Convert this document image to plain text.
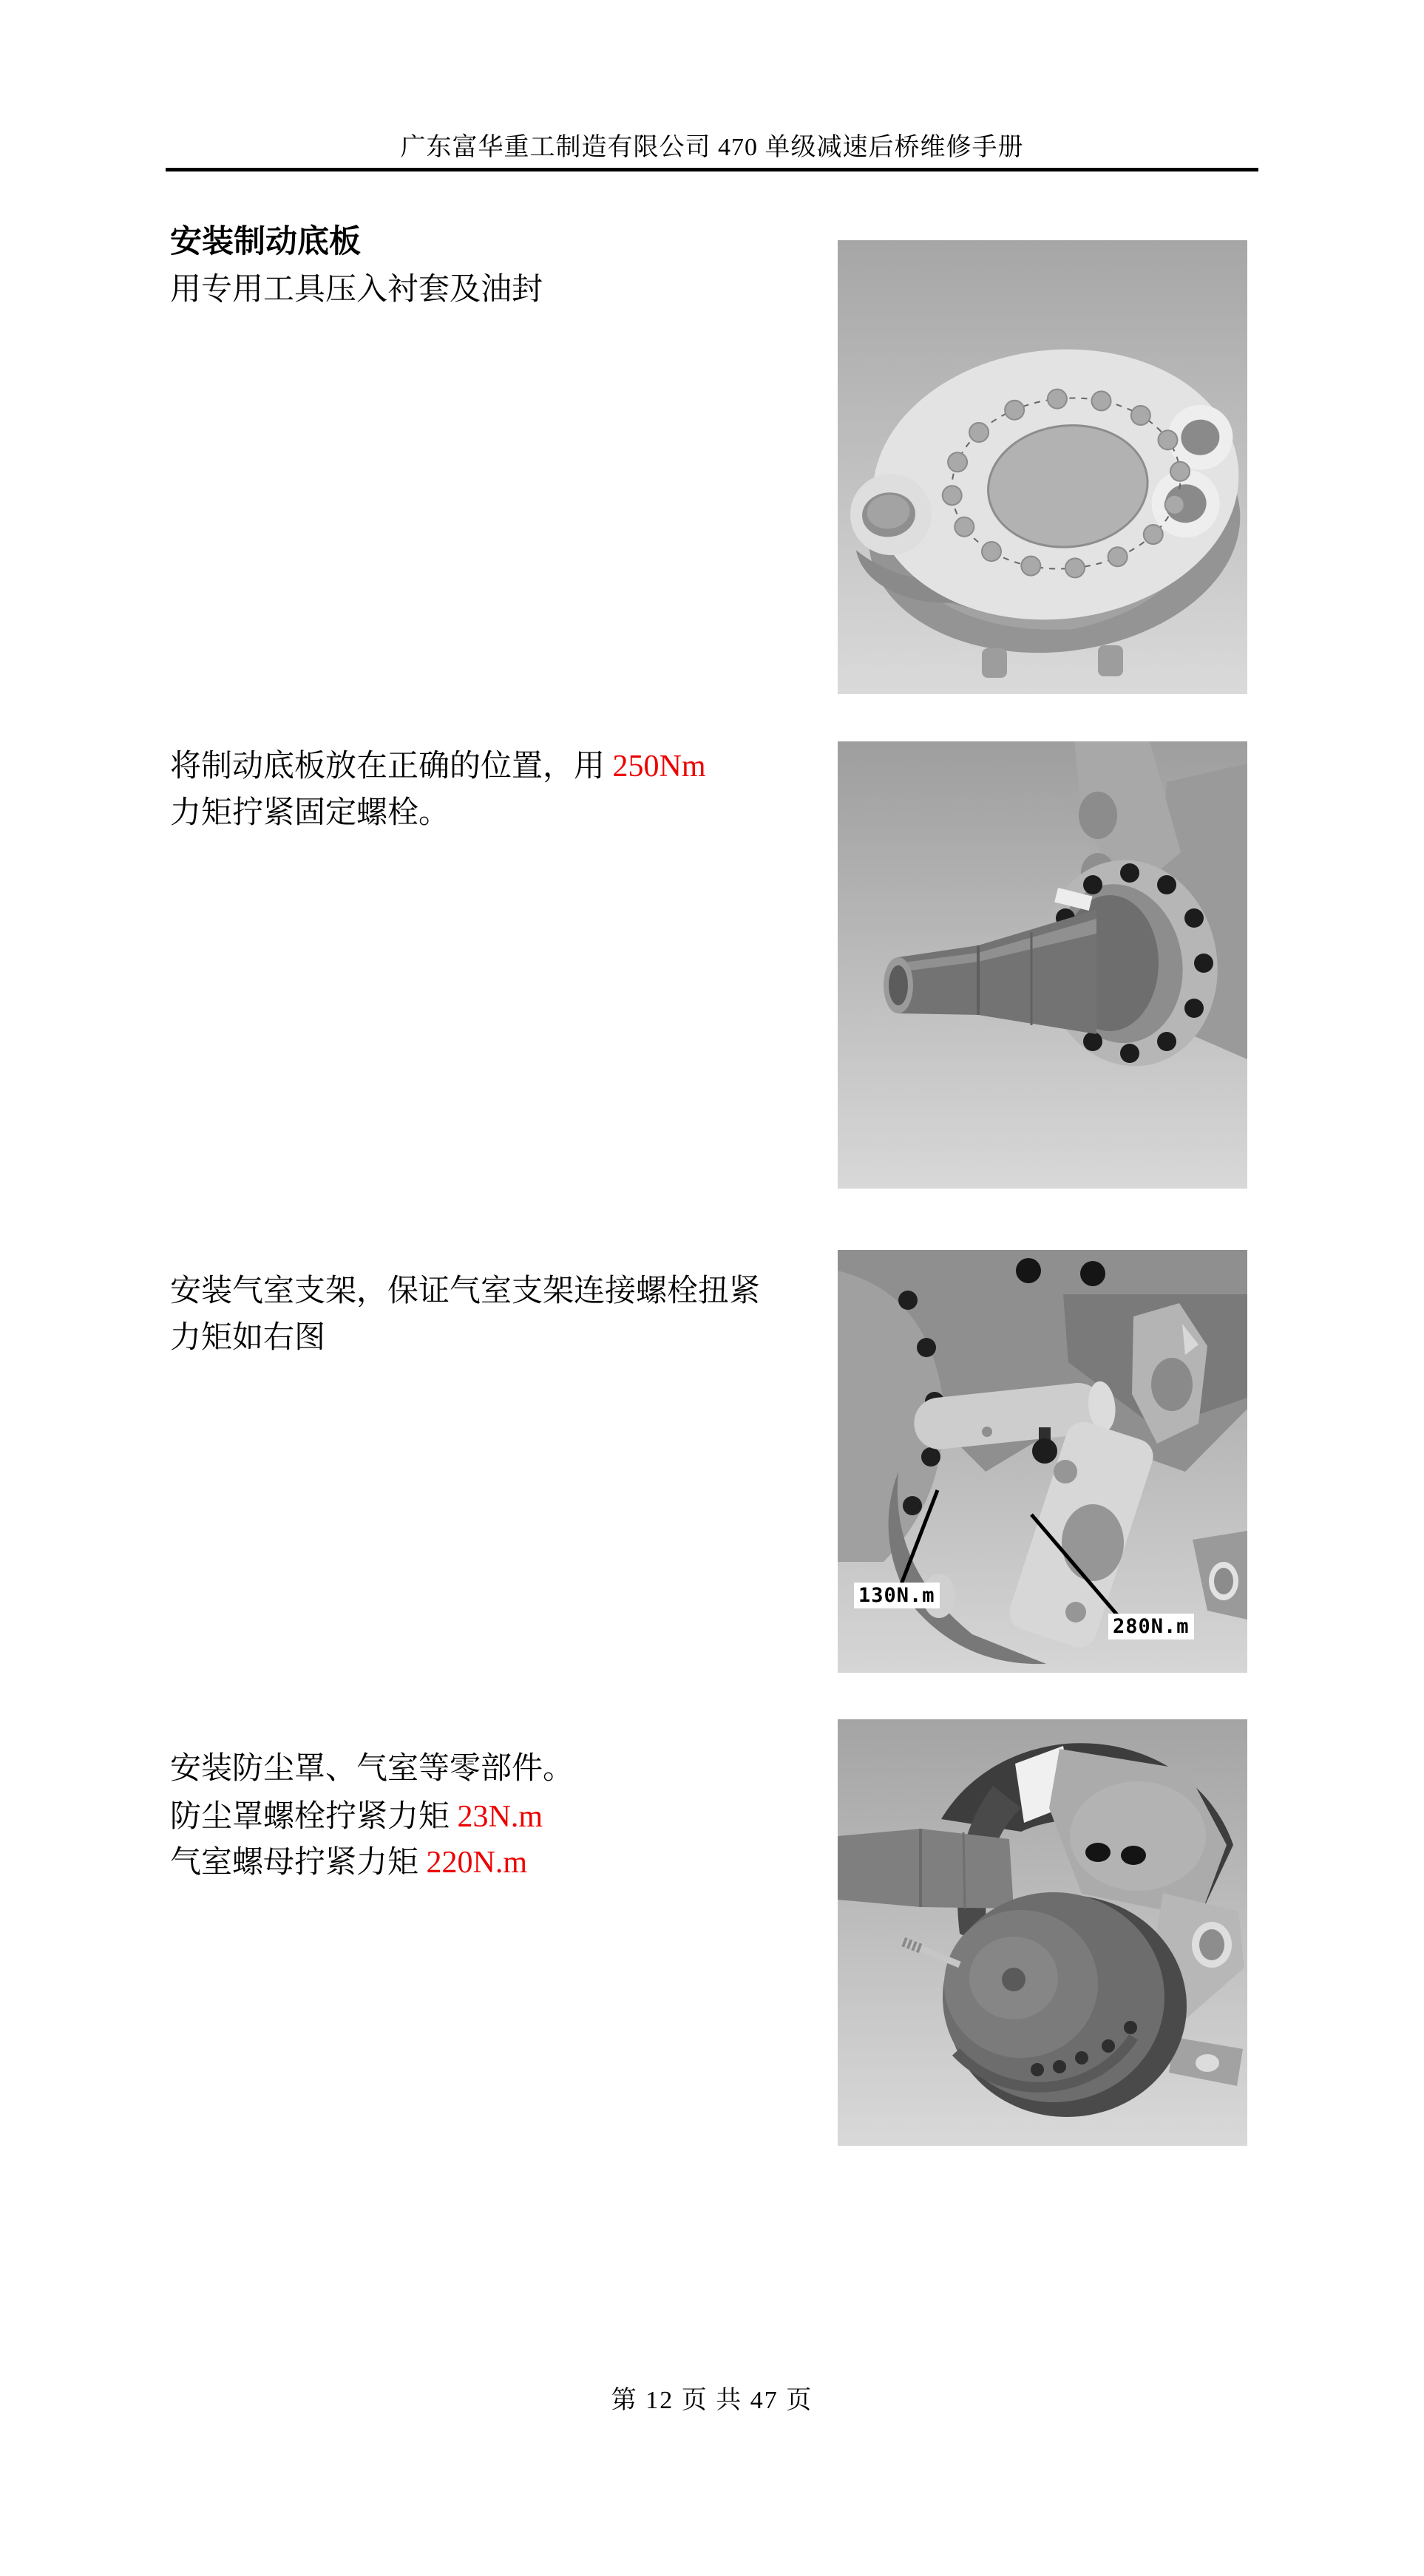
广东富华重工制造有限公司 470 单级减速后桥维修手册
安装制动底板
用专用工具压入衬套及油封
将制动底板放在正确的位置，用 250Nm
力矩拧紧固定螺栓。
安装气室支架，保证气室支架连接螺栓扭紧
力矩如右图
安装防尘罩、气室等零部件。
防尘罩螺栓拧紧力矩 23N.m
气室螺母拧紧力矩 220N.m
130N.m
280N.m
第 12 页 共 47 页
